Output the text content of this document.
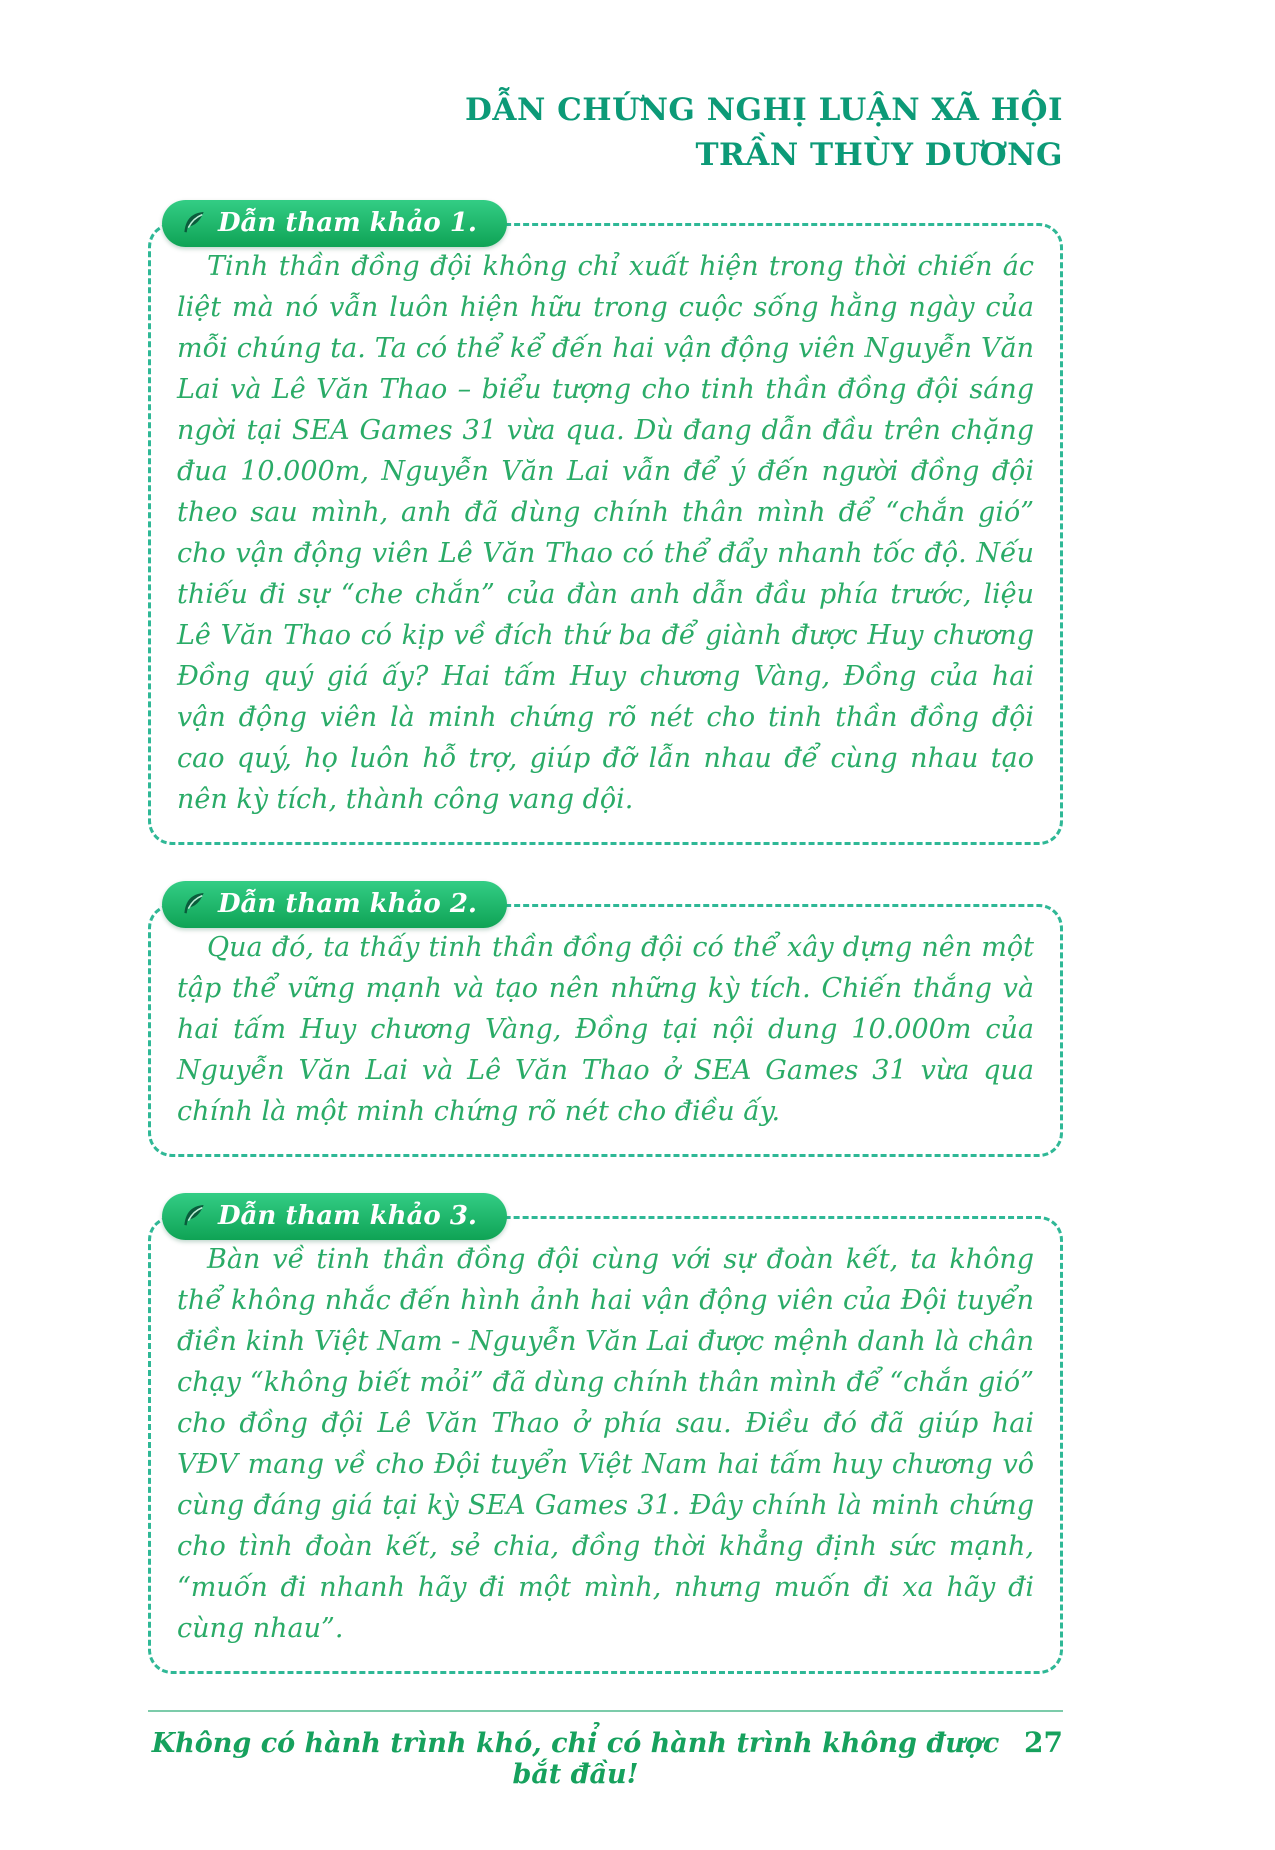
DẪN CHỨNG NGHỊ LUẬN XÃ HỘI
TRẦN THÙY DƯƠNG
Dẫn tham khảo 1.

Tinh thần đồng đội không chỉ xuất hiện trong thời chiến ác liệt mà nó vẫn luôn hiện hữu trong cuộc sống hằng ngày của mỗi chúng ta. Ta có thể kể đến hai vận động viên Nguyễn Văn Lai và Lê Văn Thao – biểu tượng cho tinh thần đồng đội sáng ngời tại SEA Games 31 vừa qua. Dù đang dẫn đầu trên chặng đua 10.000m, Nguyễn Văn Lai vẫn để ý đến người đồng đội theo sau mình, anh đã dùng chính thân mình để “chắn gió” cho vận động viên Lê Văn Thao có thể đẩy nhanh tốc độ. Nếu thiếu đi sự “che chắn” của đàn anh dẫn đầu phía trước, liệu Lê Văn Thao có kịp về đích thứ ba để giành được Huy chương Đồng quý giá ấy? Hai tấm Huy chương Vàng, Đồng của hai vận động viên là minh chứng rõ nét cho tinh thần đồng đội cao quý, họ luôn hỗ trợ, giúp đỡ lẫn nhau để cùng nhau tạo nên kỳ tích, thành công vang dội.

Dẫn tham khảo 2.

Qua đó, ta thấy tinh thần đồng đội có thể xây dựng nên một tập thể vững mạnh và tạo nên những kỳ tích. Chiến thắng và hai tấm Huy chương Vàng, Đồng tại nội dung 10.000m của Nguyễn Văn Lai và Lê Văn Thao ở SEA Games 31 vừa qua chính là một minh chứng rõ nét cho điều ấy.

Dẫn tham khảo 3.

Bàn về tinh thần đồng đội cùng với sự đoàn kết, ta không thể không nhắc đến hình ảnh hai vận động viên của Đội tuyển điền kinh Việt Nam - Nguyễn Văn Lai được mệnh danh là chân chạy “không biết mỏi” đã dùng chính thân mình để “chắn gió” cho đồng đội Lê Văn Thao ở phía sau. Điều đó đã giúp hai VĐV mang về cho Đội tuyển Việt Nam hai tấm huy chương vô cùng đáng giá tại kỳ SEA Games 31. Đây chính là minh chứng cho tình đoàn kết, sẻ chia, đồng thời khẳng định sức mạnh, “muốn đi nhanh hãy đi một mình, nhưng muốn đi xa hãy đi cùng nhau”.

Không có hành trình khó, chỉ có hành trình không được bắt đầu!
27
